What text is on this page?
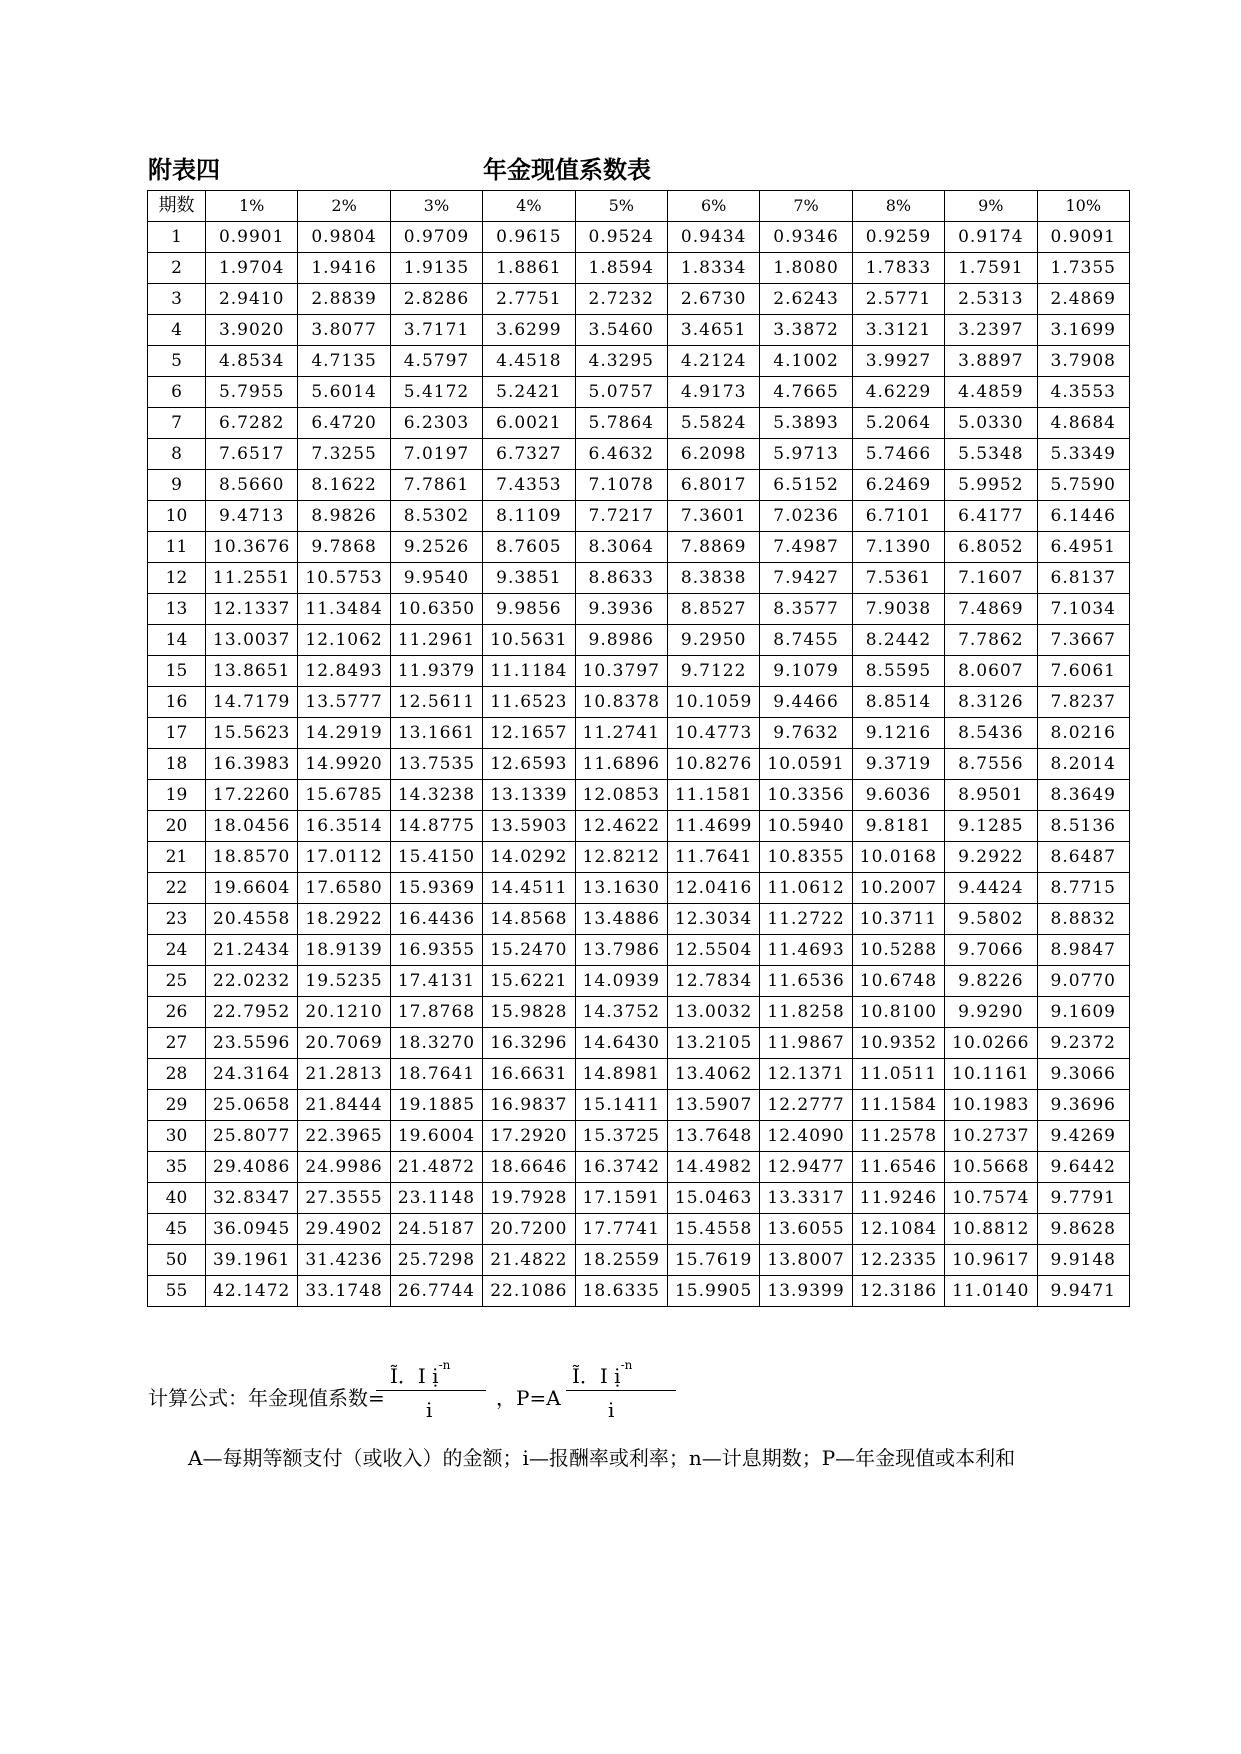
附表四	年金现值系数表
期数	1%	2%	3%	4%	5%	6%	7%	8%	9%	10%
1	0.9901	0.9804	0.9709	0.9615	0.9524	0.9434	0.9346	0.9259	0.9174	0.9091
2	1.9704	1.9416	1.9135	1.8861	1.8594	1.8334	1.8080	1.7833	1.7591	1.7355
3	2.9410	2.8839	2.8286	2.7751	2.7232	2.6730	2.6243	2.5771	2.5313	2.4869
4	3.9020	3.8077	3.7171	3.6299	3.5460	3.4651	3.3872	3.3121	3.2397	3.1699
5	4.8534	4.7135	4.5797	4.4518	4.3295	4.2124	4.1002	3.9927	3.8897	3.7908
6	5.7955	5.6014	5.4172	5.2421	5.0757	4.9173	4.7665	4.6229	4.4859	4.3553
7	6.7282	6.4720	6.2303	6.0021	5.7864	5.5824	5.3893	5.2064	5.0330	4.8684
8	7.6517	7.3255	7.0197	6.7327	6.4632	6.2098	5.9713	5.7466	5.5348	5.3349
9	8.5660	8.1622	7.7861	7.4353	7.1078	6.8017	6.5152	6.2469	5.9952	5.7590
10	9.4713	8.9826	8.5302	8.1109	7.7217	7.3601	7.0236	6.7101	6.4177	6.1446
11	10.3676	9.7868	9.2526	8.7605	8.3064	7.8869	7.4987	7.1390	6.8052	6.4951
12	11.2551	10.5753	9.9540	9.3851	8.8633	8.3838	7.9427	7.5361	7.1607	6.8137
13	12.1337	11.3484	10.6350	9.9856	9.3936	8.8527	8.3577	7.9038	7.4869	7.1034
14	13.0037	12.1062	11.2961	10.5631	9.8986	9.2950	8.7455	8.2442	7.7862	7.3667
15	13.8651	12.8493	11.9379	11.1184	10.3797	9.7122	9.1079	8.5595	8.0607	7.6061
16	14.7179	13.5777	12.5611	11.6523	10.8378	10.1059	9.4466	8.8514	8.3126	7.8237
17	15.5623	14.2919	13.1661	12.1657	11.2741	10.4773	9.7632	9.1216	8.5436	8.0216
18	16.3983	14.9920	13.7535	12.6593	11.6896	10.8276	10.0591	9.3719	8.7556	8.2014
19	17.2260	15.6785	14.3238	13.1339	12.0853	11.1581	10.3356	9.6036	8.9501	8.3649
20	18.0456	16.3514	14.8775	13.5903	12.4622	11.4699	10.5940	9.8181	9.1285	8.5136
21	18.8570	17.0112	15.4150	14.0292	12.8212	11.7641	10.8355	10.0168	9.2922	8.6487
22	19.6604	17.6580	15.9369	14.4511	13.1630	12.0416	11.0612	10.2007	9.4424	8.7715
23	20.4558	18.2922	16.4436	14.8568	13.4886	12.3034	11.2722	10.3711	9.5802	8.8832
24	21.2434	18.9139	16.9355	15.2470	13.7986	12.5504	11.4693	10.5288	9.7066	8.9847
25	22.0232	19.5235	17.4131	15.6221	14.0939	12.7834	11.6536	10.6748	9.8226	9.0770
26	22.7952	20.1210	17.8768	15.9828	14.3752	13.0032	11.8258	10.8100	9.9290	9.1609
27	23.5596	20.7069	18.3270	16.3296	14.6430	13.2105	11.9867	10.9352	10.0266	9.2372
28	24.3164	21.2813	18.7641	16.6631	14.8981	13.4062	12.1371	11.0511	10.1161	9.3066
29	25.0658	21.8444	19.1885	16.9837	15.1411	13.5907	12.2777	11.1584	10.1983	9.3696
30	25.8077	22.3965	19.6004	17.2920	15.3725	13.7648	12.4090	11.2578	10.2737	9.4269
35	29.4086	24.9986	21.4872	18.6646	16.3742	14.4982	12.9477	11.6546	10.5668	9.6442
40	32.8347	27.3555	23.1148	19.7928	17.1591	15.0463	13.3317	11.9246	10.7574	9.7791
45	36.0945	29.4902	24.5187	20.7200	17.7741	15.4558	13.6055	12.1084	10.8812	9.8628
50	39.1961	31.4236	25.7298	21.4822	18.2559	15.7619	13.8007	12.2335	10.9617	9.9148
55	42.1472	33.1748	26.7744	22.1086	18.6335	15.9905	13.9399	12.3186	11.0140	9.9471
计算公式：年金现值系数=
Ĩ．Ⅰ ị$^{-n}$
i	，P=A
Ĩ．Ⅰ ị$^{-n}$
i
A—每期等额支付（或收入）的金额；i—报酬率或利率；n—计息期数；P—年金现值或本利和
